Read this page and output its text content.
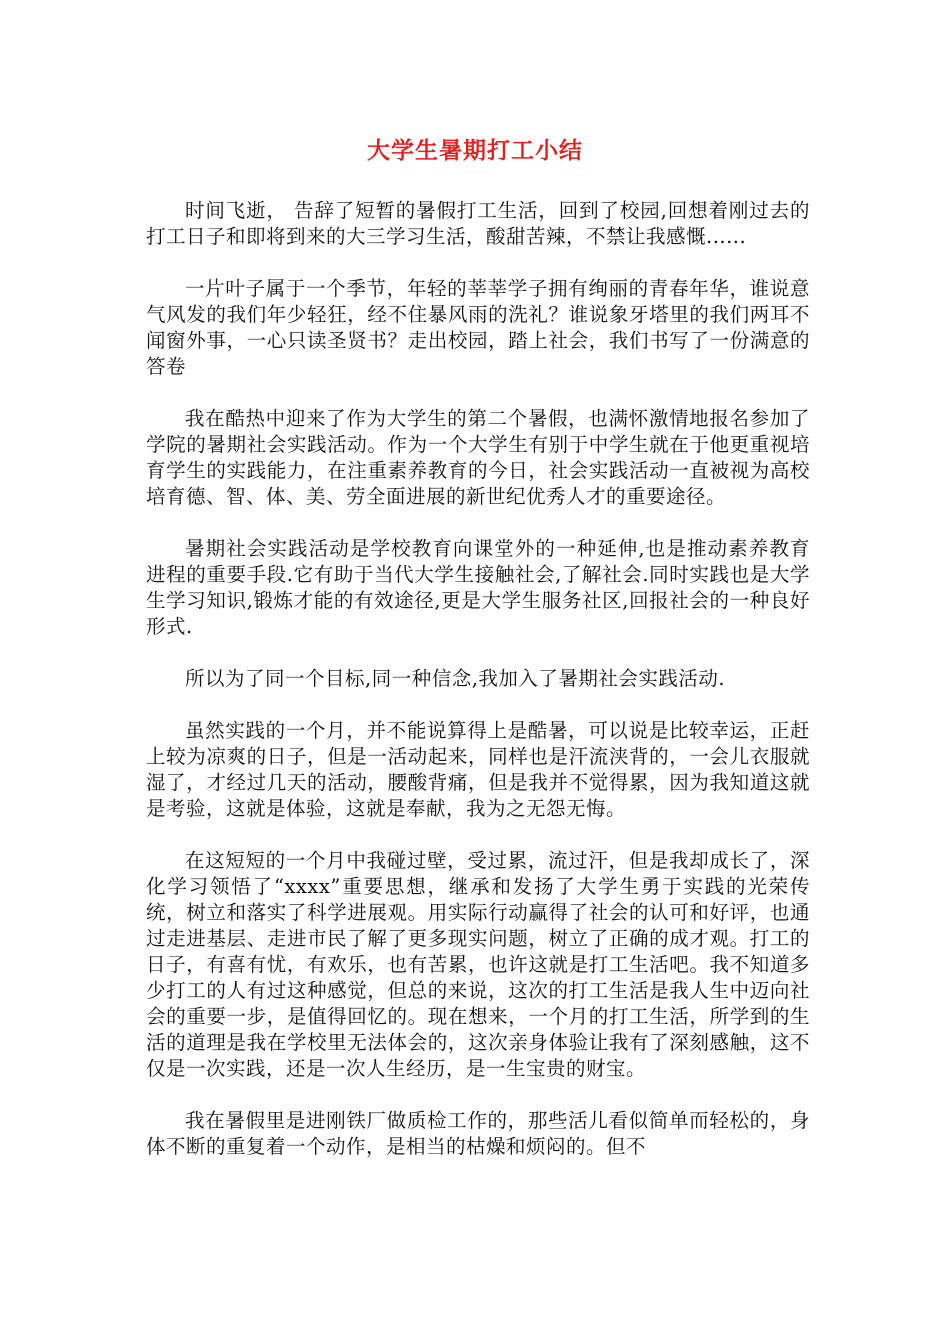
大学生暑期打工小结

时间飞逝， 告辞了短暂的暑假打工生活，回到了校园,回想着刚过去的打工日子和即将到来的大三学习生活，酸甜苦辣，不禁让我感慨......

一片叶子属于一个季节，年轻的莘莘学子拥有绚丽的青春年华，谁说意气风发的我们年少轻狂，经不住暴风雨的洗礼？谁说象牙塔里的我们两耳不闻窗外事，一心只读圣贤书？走出校园，踏上社会，我们书写了一份满意的答卷

我在酷热中迎来了作为大学生的第二个暑假，也满怀激情地报名参加了学院的暑期社会实践活动。作为一个大学生有别于中学生就在于他更重视培育学生的实践能力，在注重素养教育的今日，社会实践活动一直被视为高校培育德、智、体、美、劳全面进展的新世纪优秀人才的重要途径。

暑期社会实践活动是学校教育向课堂外的一种延伸,也是推动素养教育进程的重要手段.它有助于当代大学生接触社会,了解社会.同时实践也是大学生学习知识,锻炼才能的有效途径,更是大学生服务社区,回报社会的一种良好形式.

所以为了同一个目标,同一种信念,我加入了暑期社会实践活动.

虽然实践的一个月，并不能说算得上是酷暑，可以说是比较幸运，正赶上较为凉爽的日子，但是一活动起来，同样也是汗流浃背的，一会儿衣服就湿了，才经过几天的活动，腰酸背痛，但是我并不觉得累，因为我知道这就是考验，这就是体验，这就是奉献，我为之无怨无悔。

在这短短的一个月中我碰过壁，受过累，流过汗，但是我却成长了，深化学习领悟了“xxxx”重要思想，继承和发扬了大学生勇于实践的光荣传统，树立和落实了科学进展观。用实际行动赢得了社会的认可和好评，也通过走进基层、走进市民了解了更多现实问题，树立了正确的成才观。打工的日子，有喜有忧，有欢乐，也有苦累，也许这就是打工生活吧。我不知道多少打工的人有过这种感觉，但总的来说，这次的打工生活是我人生中迈向社会的重要一步，是值得回忆的。现在想来，一个月的打工生活，所学到的生活的道理是我在学校里无法体会的，这次亲身体验让我有了深刻感触，这不仅是一次实践，还是一次人生经历，是一生宝贵的财宝。

我在暑假里是进刚铁厂做质检工作的，那些活儿看似简单而轻松的，身体不断的重复着一个动作，是相当的枯燥和烦闷的。但不
